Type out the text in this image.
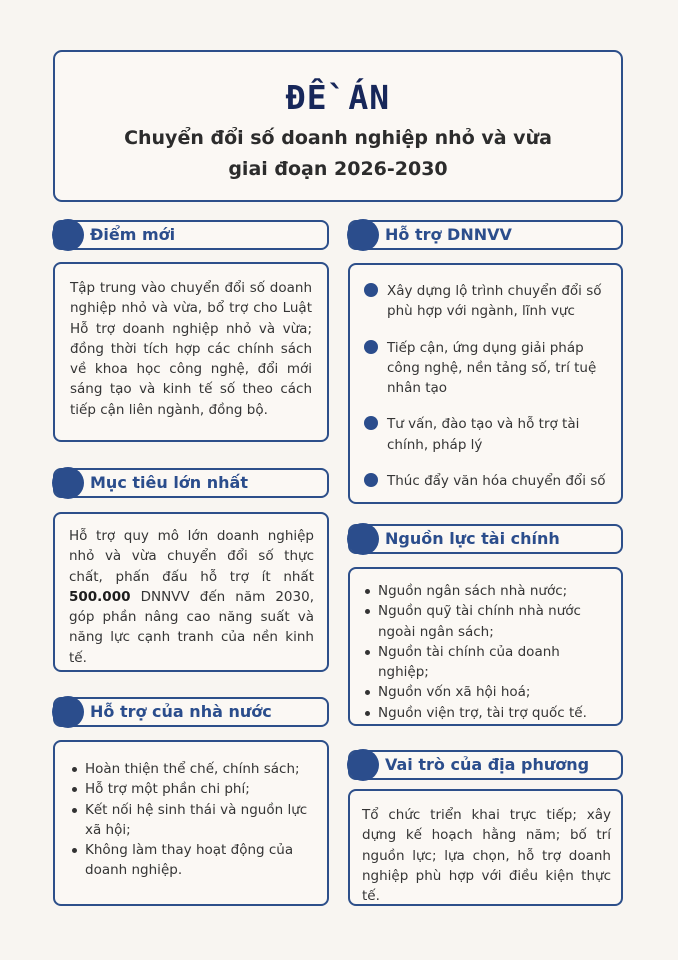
ĐỀ ÁN
Chuyển đổi số doanh nghiệp nhỏ và vừa
giai đoạn 2026-2030
Điểm mới

Tập trung vào chuyển đổi số doanh nghiệp nhỏ và vừa, bổ trợ cho Luật Hỗ trợ doanh nghiệp nhỏ và vừa; đồng thời tích hợp các chính sách về khoa học công nghệ, đổi mới sáng tạo và kinh tế số theo cách tiếp cận liên ngành, đồng bộ.

Mục tiêu lớn nhất

Hỗ trợ quy mô lớn doanh nghiệp nhỏ và vừa chuyển đổi số thực chất, phấn đấu hỗ trợ ít nhất 500.000 DNNVV đến năm 2030, góp phần nâng cao năng suất và năng lực cạnh tranh của nền kinh tế.

Hỗ trợ của nhà nước
Hoàn thiện thể chế, chính sách;
Hỗ trợ một phần chi phí;
Kết nối hệ sinh thái và nguồn lực xã hội;
Không làm thay hoạt động của doanh nghiệp.
Hỗ trợ DNNVV
Xây dựng lộ trình chuyển đổi số phù hợp với ngành, lĩnh vực
Tiếp cận, ứng dụng giải pháp công nghệ, nền tảng số, trí tuệ nhân tạo
Tư vấn, đào tạo và hỗ trợ tài chính, pháp lý
Thúc đẩy văn hóa chuyển đổi số
Nguồn lực tài chính
Nguồn ngân sách nhà nước;
Nguồn quỹ tài chính nhà nước ngoài ngân sách;
Nguồn tài chính của doanh nghiệp;
Nguồn vốn xã hội hoá;
Nguồn viện trợ, tài trợ quốc tế.
Vai trò của địa phương

Tổ chức triển khai trực tiếp; xây dựng kế hoạch hằng năm; bố trí nguồn lực; lựa chọn, hỗ trợ doanh nghiệp phù hợp với điều kiện thực tế.
